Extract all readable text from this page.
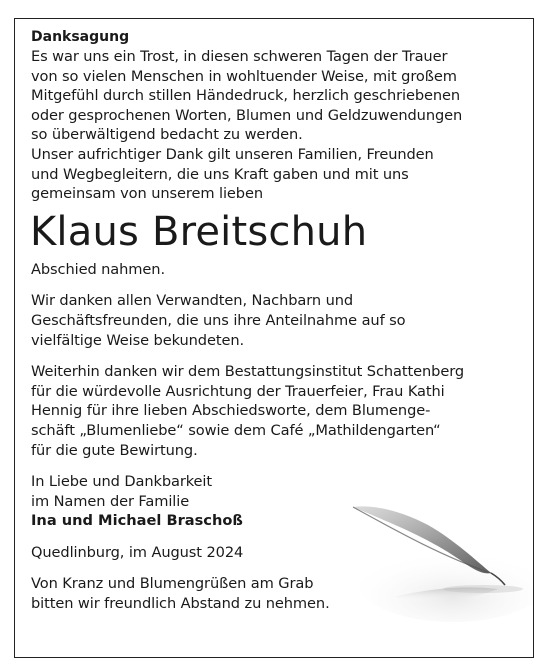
Danksagung

Es war uns ein Trost, in diesen schweren Tagen der Trauer
von so vielen Menschen in wohltuender Weise, mit großem
Mitgefühl durch stillen Händedruck, herzlich geschriebenen
oder gesprochenen Worten, Blumen und Geldzuwendungen
so überwältigend bedacht zu werden.
Unser aufrichtiger Dank gilt unseren Familien, Freunden
und Wegbegleitern, die uns Kraft gaben und mit uns
gemeinsam von unserem lieben

Klaus Breitschuh

Abschied nahmen.

Wir danken allen Verwandten, Nachbarn und
Geschäftsfreunden, die uns ihre Anteilnahme auf so
vielfältige Weise bekundeten.

Weiterhin danken wir dem Bestattungsinstitut Schattenberg
für die würdevolle Ausrichtung der Trauerfeier, Frau Kathi
Hennig für ihre lieben Abschiedsworte, dem Blumenge-
schäft „Blumenliebe“ sowie dem Café „Mathildengarten“
für die gute Bewirtung.

In Liebe und Dankbarkeit
im Namen der Familie

Ina und Michael Braschoß

Quedlinburg, im August 2024

Von Kranz und Blumengrüßen am Grab
bitten wir freundlich Abstand zu nehmen.
